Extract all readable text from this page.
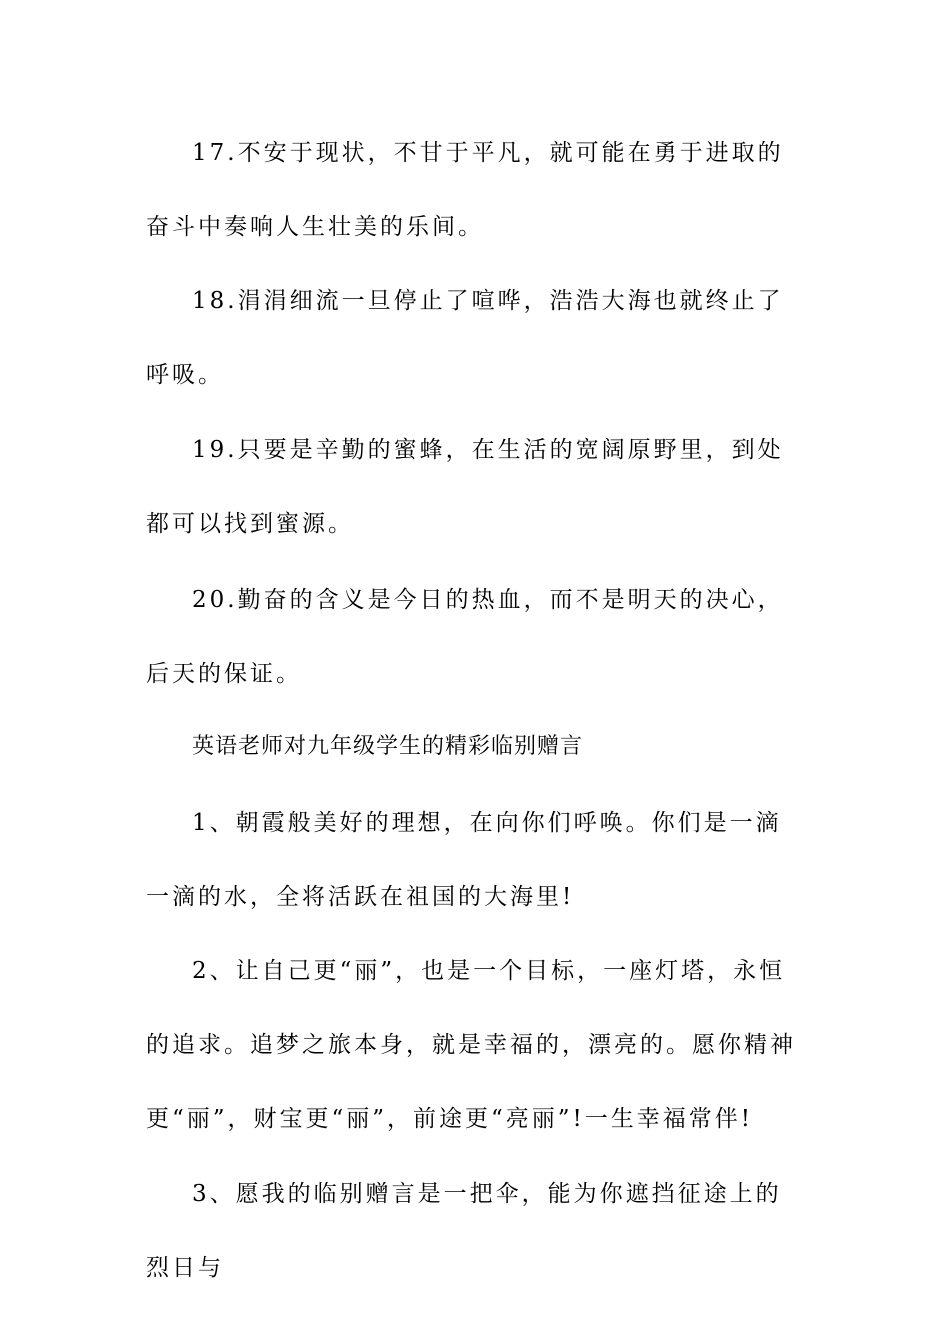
17.不安于现状，不甘于平凡，就可能在勇于进取的奋斗中奏响人生壮美的乐间。

18.涓涓细流一旦停止了喧哗，浩浩大海也就终止了呼吸。

19.只要是辛勤的蜜蜂，在生活的宽阔原野里，到处都可以找到蜜源。

20.勤奋的含义是今日的热血，而不是明天的决心，后天的保证。

英语老师对九年级学生的精彩临别赠言

1、朝霞般美好的理想，在向你们呼唤。你们是一滴一滴的水，全将活跃在祖国的大海里!

2、让自己更“丽”，也是一个目标，一座灯塔，永恒的追求。追梦之旅本身，就是幸福的，漂亮的。愿你精神更“丽”，财宝更“丽”，前途更“亮丽”!一生幸福常伴!

3、愿我的临别赠言是一把伞，能为你遮挡征途上的烈日与
